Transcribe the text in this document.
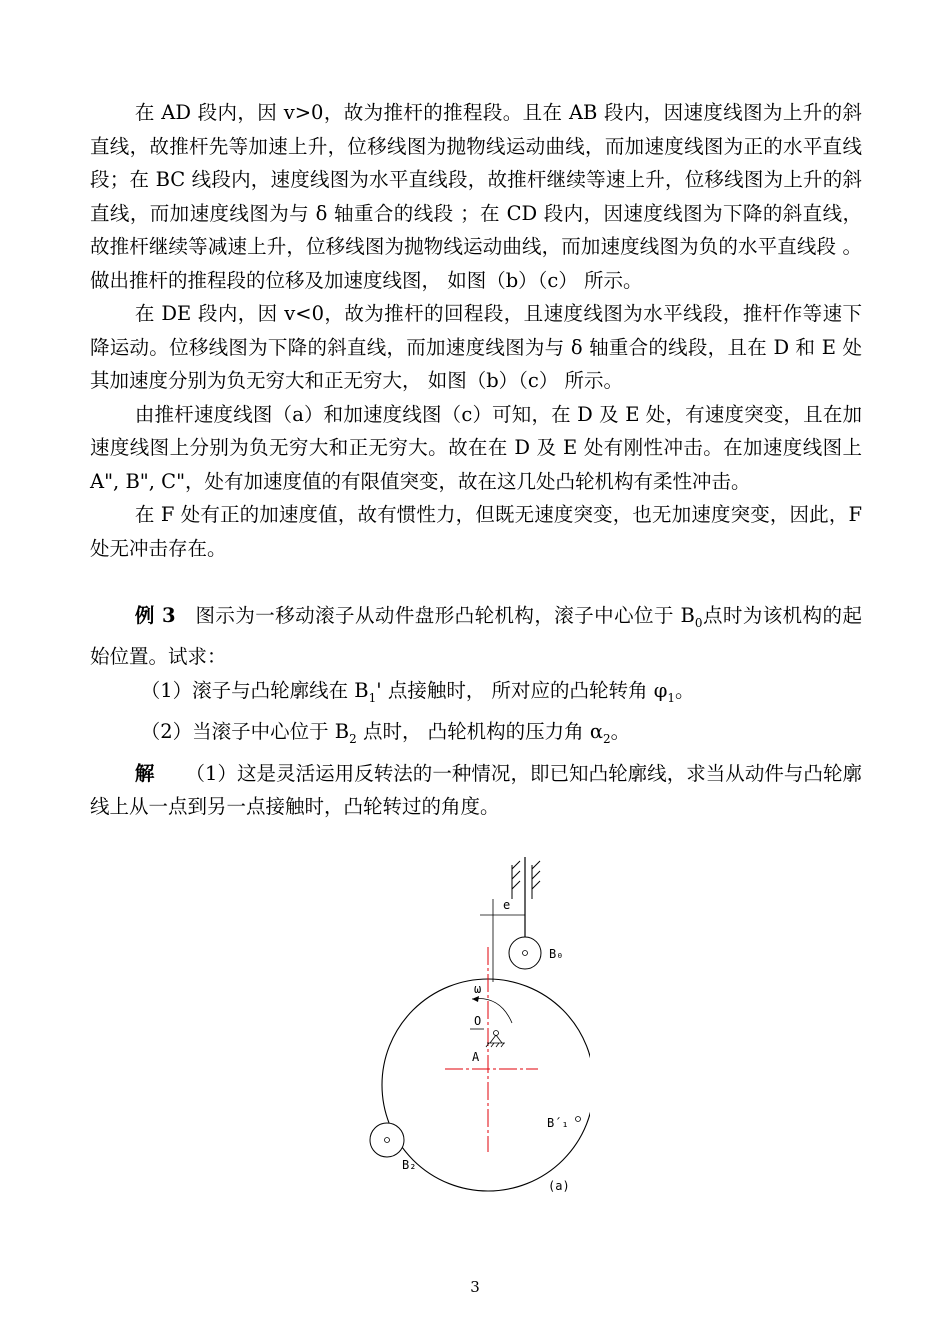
在 AD 段内，因 v>0，故为推杆的推程段。且在 AB 段内，因速度线图为上升的斜直线，故推杆先等加速上升，位移线图为抛物线运动曲线，而加速度线图为正的水平直线段；在 BC 线段内，速度线图为水平直线段，故推杆继续等速上升，位移线图为上升的斜直线，而加速度线图为与 δ 轴重合的线段 ；在 CD 段内，因速度线图为下降的斜直线，故推杆继续等减速上升，位移线图为抛物线运动曲线，而加速度线图为负的水平直线段 。做出推杆的推程段的位移及加速度线图， 如图（b）（c） 所示。

在 DE 段内，因 v<0，故为推杆的回程段，且速度线图为水平线段，推杆作等速下降运动。位移线图为下降的斜直线，而加速度线图为与 δ 轴重合的线段，且在 D 和 E 处其加速度分别为负无穷大和正无穷大， 如图（b）（c） 所示。

由推杆速度线图（a）和加速度线图（c）可知，在 D 及 E 处，有速度突变，且在加速度线图上分别为负无穷大和正无穷大。故在在 D 及 E 处有刚性冲击。在加速度线图上 A", B", C"，处有加速度值的有限值突变，故在这几处凸轮机构有柔性冲击。

在 F 处有正的加速度值，故有惯性力，但既无速度突变，也无加速度突变，因此，F 处无冲击存在。

例 3 图示为一移动滚子从动件盘形凸轮机构，滚子中心位于 $B_0$点时为该机构的起始位置。试求：

（1）滚子与凸轮廓线在 $B_1'$ 点接触时， 所对应的凸轮转角 $\varphi_1$。

（2）当滚子中心位于 $B_2$ 点时， 凸轮机构的压力角 $\alpha_2$。

解 （1）这是灵活运用反转法的一种情况，即已知凸轮廓线，求当从动件与凸轮廓线上从一点到另一点接触时，凸轮转过的角度。

e
B₀
ω
O
A
B´₁
B₂
(a)
3
